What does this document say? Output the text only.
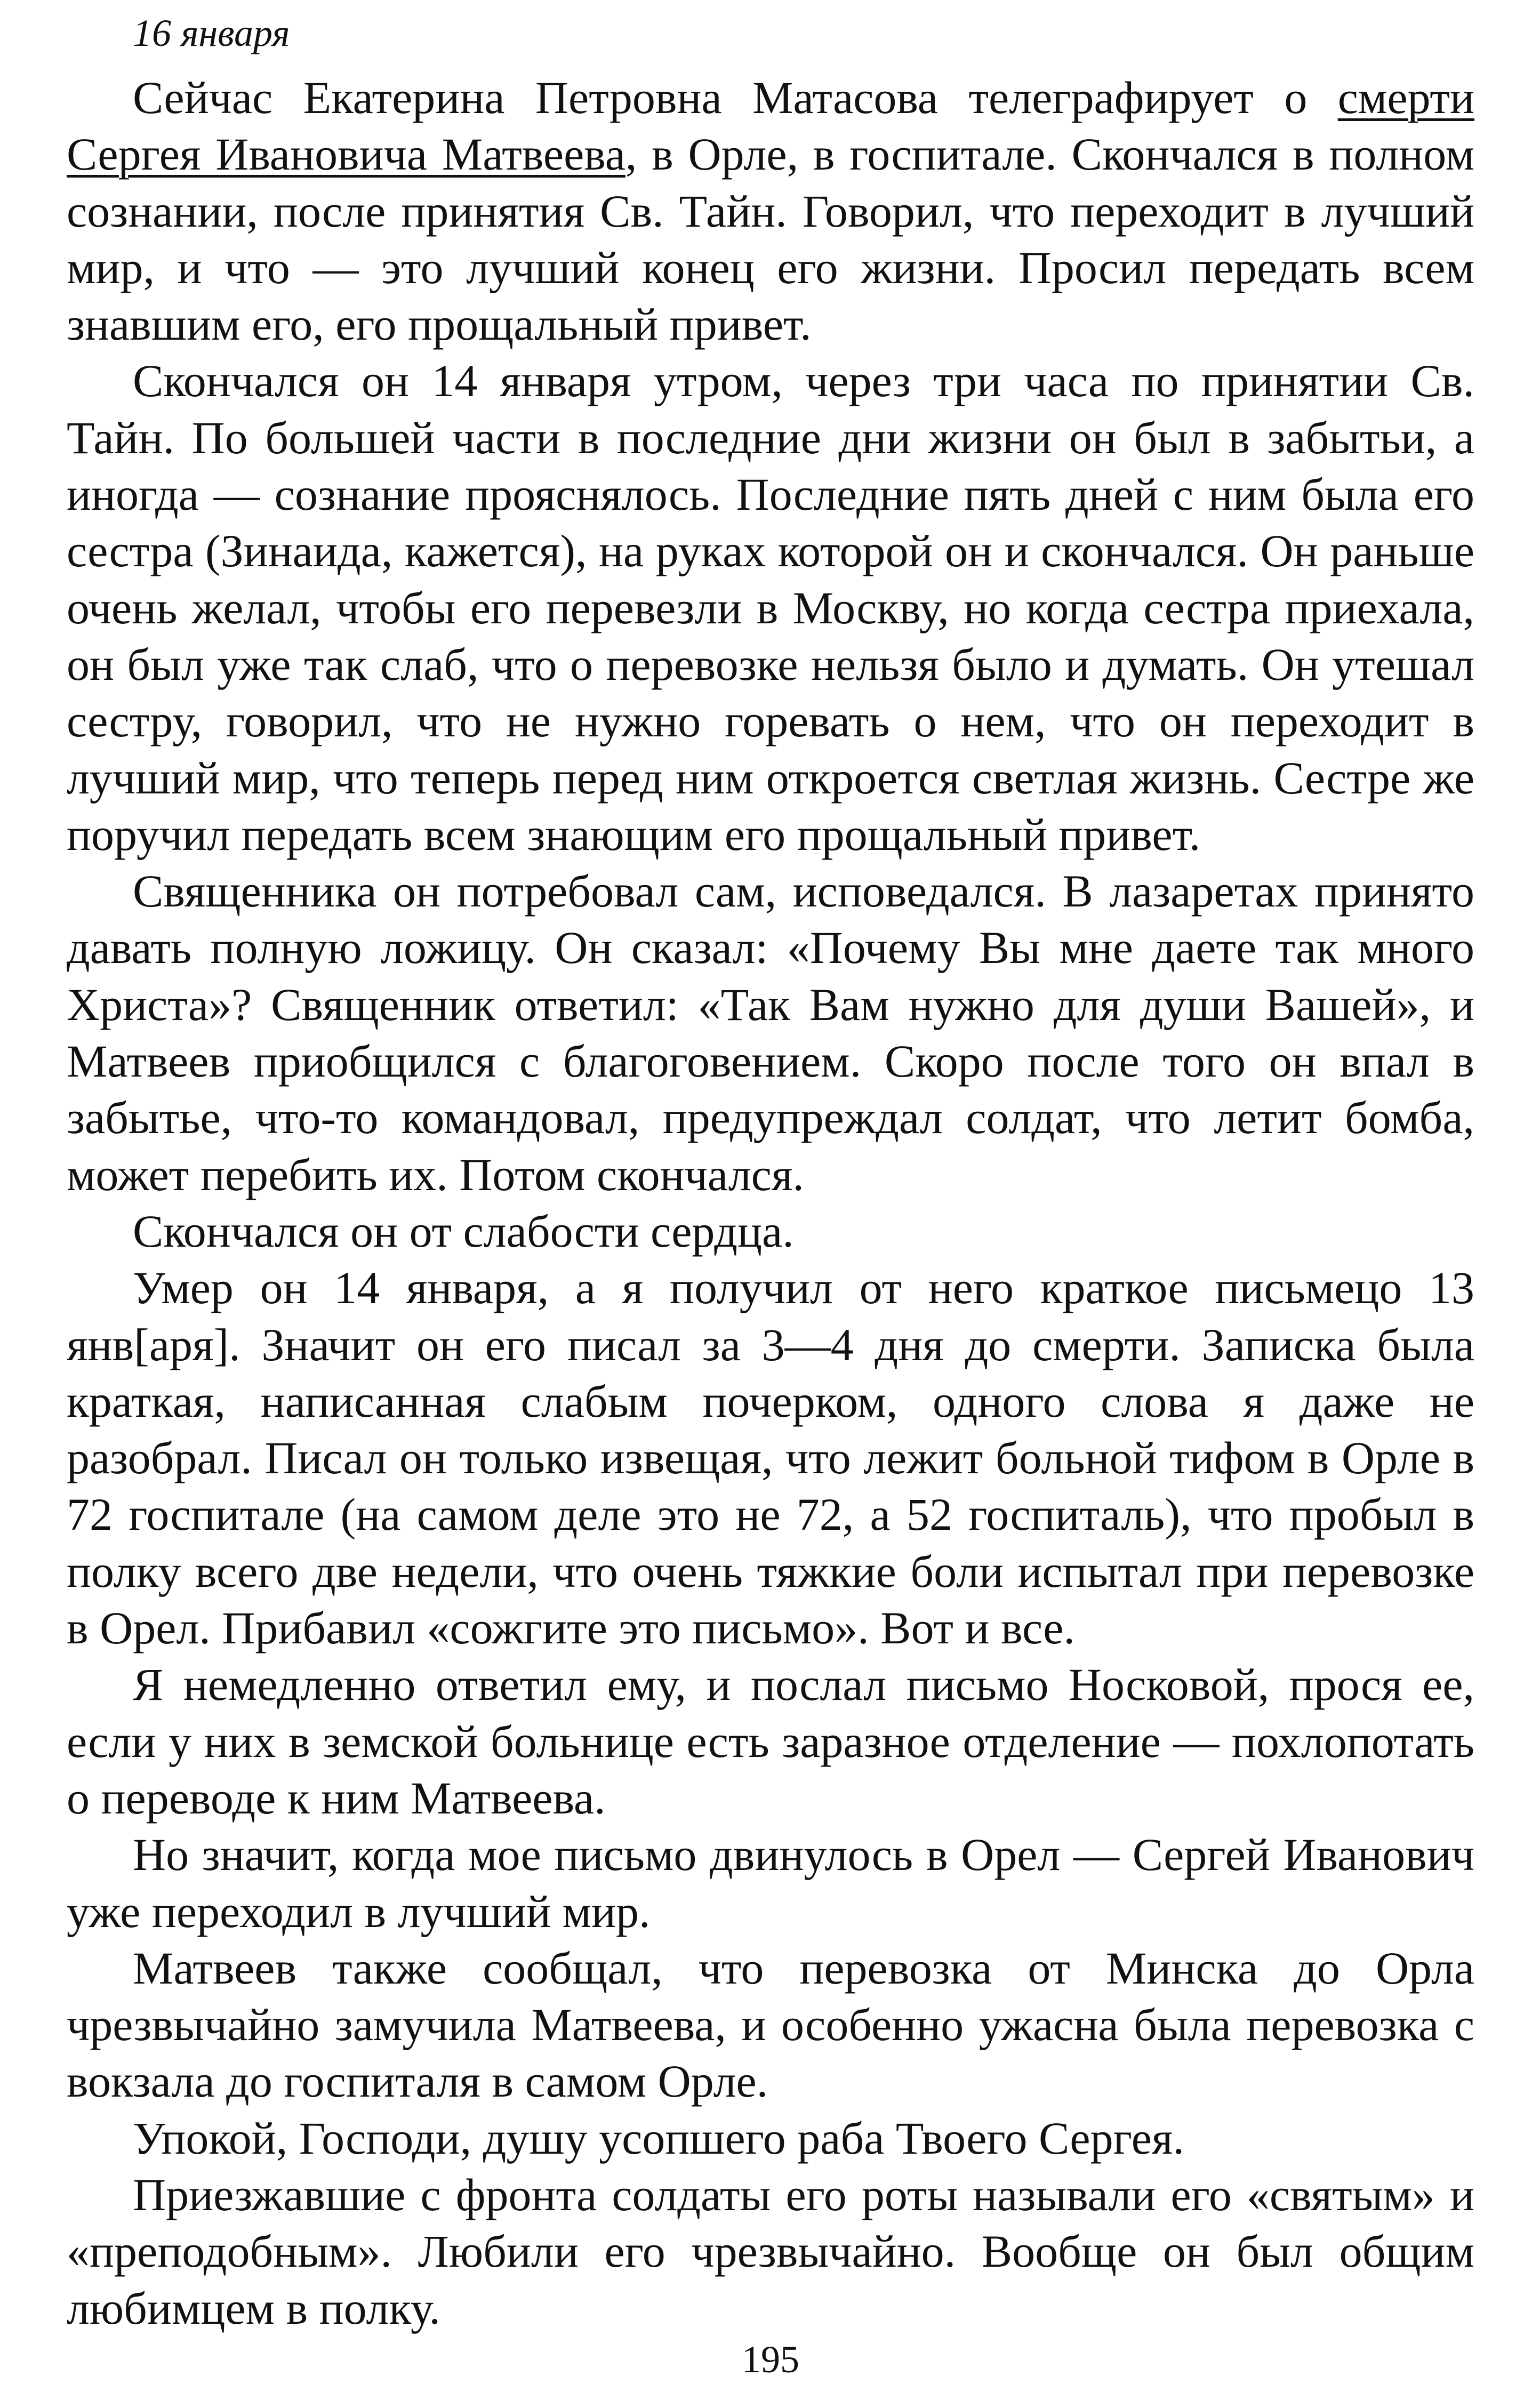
16 января

Сейчас Екатерина Петровна Матасова телеграфирует о смерти Сергея Ивановича Матвеева, в Орле, в госпитале. Скончался в полном сознании, после принятия Св. Тайн. Говорил, что переходит в лучший мир, и что — это лучший конец его жизни. Просил передать всем знавшим его, его прощальный привет.

Скончался он 14 января утром, через три часа по принятии Св. Тайн. По большей части в последние дни жизни он был в забытьи, а иногда — сознание прояснялось. Последние пять дней с ним была его сестра (Зинаида, кажется), на руках которой он и скончался. Он раньше очень желал, чтобы его перевезли в Москву, но когда сестра приехала, он был уже так слаб, что о перевозке нельзя было и думать. Он утешал сестру, говорил, что не нужно горевать о нем, что он переходит в лучший мир, что теперь перед ним откроется светлая жизнь. Сестре же поручил передать всем знающим его прощальный привет.

Священника он потребовал сам, исповедался. В лазаретах принято давать полную ложицу. Он сказал: «Почему Вы мне даете так много Христа»? Священник ответил: «Так Вам нужно для души Вашей», и Матвеев приобщился с благоговением. Скоро после того он впал в забытье, что-то командовал, предупреждал солдат, что летит бомба, может перебить их. Потом скончался.

Скончался он от слабости сердца.

Умер он 14 января, а я получил от него краткое письмецо 13 янв[аря]. Значит он его писал за 3—4 дня до смерти. Записка была краткая, написанная слабым почерком, одного слова я даже не разобрал. Писал он только извещая, что лежит больной тифом в Орле в 72 госпитале (на самом деле это не 72, а 52 госпиталь), что пробыл в полку всего две недели, что очень тяжкие боли испытал при перевозке в Орел. Прибавил «сожгите это письмо». Вот и все.

Я немедленно ответил ему, и послал письмо Носковой, прося ее, если у них в земской больнице есть заразное отделение — похлопотать о переводе к ним Матвеева.

Но значит, когда мое письмо двинулось в Орел — Сергей Иванович уже переходил в лучший мир.

Матвеев также сообщал, что перевозка от Минска до Орла чрезвычайно замучила Матвеева, и особенно ужасна была перевозка с вокзала до госпиталя в самом Орле.

Упокой, Господи, душу усопшего раба Твоего Сергея.

Приезжавшие с фронта солдаты его роты называли его «святым» и «преподобным». Любили его чрезвычайно. Вообще он был общим любимцем в полку.

195
